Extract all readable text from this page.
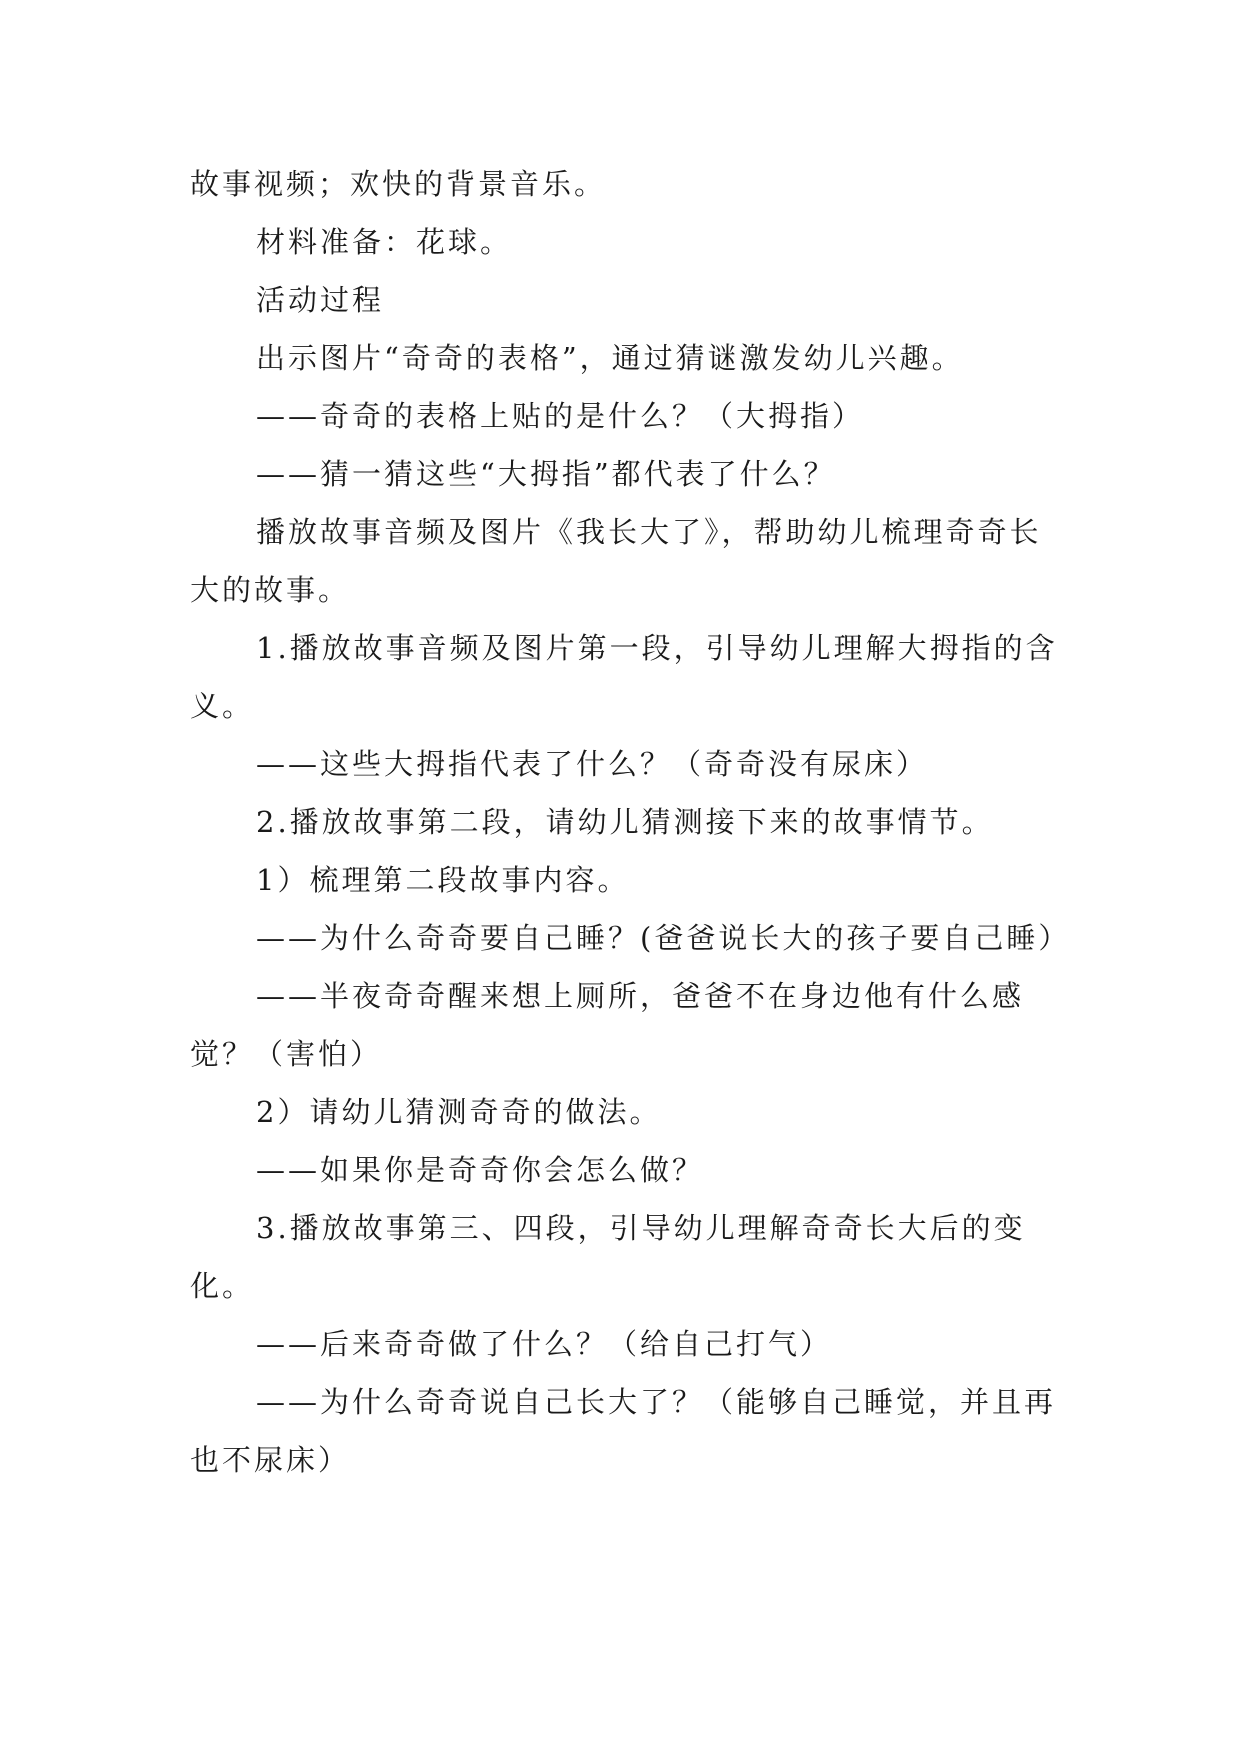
故事视频；欢快的背景音乐。

材料准备：花球。

活动过程

出示图片“奇奇的表格”，通过猜谜激发幼儿兴趣。

——奇奇的表格上贴的是什么？（大拇指）

——猜一猜这些“大拇指”都代表了什么？

播放故事音频及图片《我长大了》，帮助幼儿梳理奇奇长大的故事。

1.播放故事音频及图片第一段，引导幼儿理解大拇指的含义。

——这些大拇指代表了什么？（奇奇没有尿床）

2.播放故事第二段，请幼儿猜测接下来的故事情节。

1）梳理第二段故事内容。

——为什么奇奇要自己睡？(爸爸说长大的孩子要自己睡）

——半夜奇奇醒来想上厕所，爸爸不在身边他有什么感觉？（害怕）

2）请幼儿猜测奇奇的做法。

——如果你是奇奇你会怎么做？

3.播放故事第三、四段，引导幼儿理解奇奇长大后的变化。

——后来奇奇做了什么？（给自己打气）

——为什么奇奇说自己长大了？（能够自己睡觉，并且再也不尿床）
